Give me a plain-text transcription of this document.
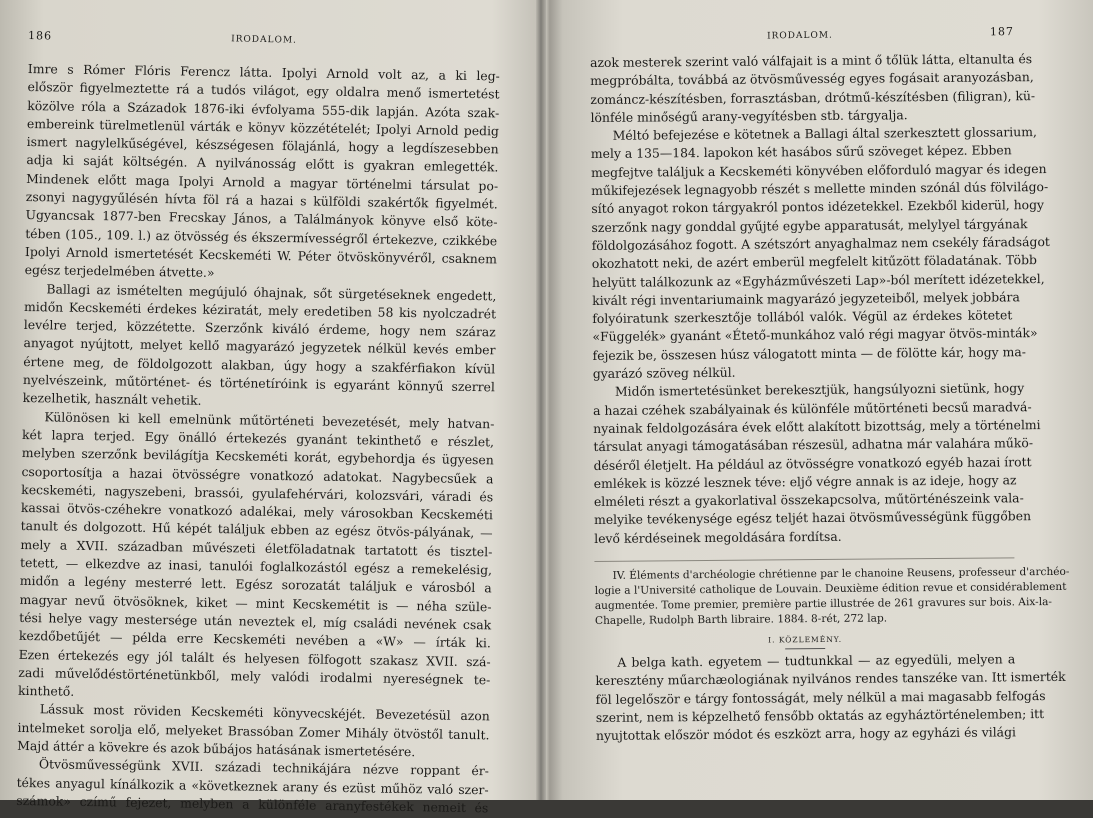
186	IRODALOM.
Imre s Rómer Flóris Ferencz látta. Ipolyi Arnold volt az, a ki leg-
először figyelmeztette rá a tudós világot, egy oldalra menő ismertetést
közölve róla a Századok 1876-iki évfolyama 555-dik lapján. Azóta szak-
embereink türelmetlenül várták e könyv közzétételét; Ipolyi Arnold pedig
ismert nagylelkűségével, készségesen fölajánlá, hogy a legdíszesebben
adja ki saját költségén. A nyilvánosság előtt is gyakran emlegették.
Mindenek előtt maga Ipolyi Arnold a magyar történelmi társulat po-
zsonyi nagygyűlésén hívta föl rá a hazai s külföldi szakértők figyelmét.
Ugyancsak 1877-ben Frecskay János, a Találmányok könyve első köte-
tében (105., 109. l.) az ötvösség és ékszermívességről értekezve, czikkébe
Ipolyi Arnold ismertetését Kecskeméti W. Péter ötvöskönyvéről, csaknem
egész terjedelmében átvette.»
Ballagi az ismételten megújuló óhajnak, sőt sürgetéseknek engedett,
midőn Kecskeméti érdekes kéziratát, mely eredetiben 58 kis nyolczadrét
levélre terjed, közzétette. Szerzőnk kiváló érdeme, hogy nem száraz
anyagot nyújtott, melyet kellő magyarázó jegyzetek nélkül kevés ember
értene meg, de földolgozott alakban, úgy hogy a szakférfiakon kívül
nyelvészeink, műtörténet- és történetíróink is egyaránt könnyű szerrel
kezelhetik, használt vehetik.
Különösen ki kell emelnünk műtörténeti bevezetését, mely hatvan-
két lapra terjed. Egy önálló értekezés gyanánt tekinthető e részlet,
melyben szerzőnk bevilágítja Kecskeméti korát, egybehordja és ügyesen
csoportosítja a hazai ötvösségre vonatkozó adatokat. Nagybecsűek a
kecskeméti, nagyszebeni, brassói, gyulafehérvári, kolozsvári, váradi és
kassai ötvös-czéhekre vonatkozó adalékai, mely városokban Kecskeméti
tanult és dolgozott. Hű képét találjuk ebben az egész ötvös-pályának, —
mely a XVII. században művészeti életföladatnak tartatott és tisztel-
tetett, — elkezdve az inasi, tanulói foglalkozástól egész a remekelésig,
midőn a legény mesterré lett. Egész sorozatát találjuk e városból a
magyar nevű ötvösöknek, kiket — mint Kecskemétit is — néha szüle-
tési helye vagy mestersége után neveztek el, míg családi nevének csak
kezdőbetűjét — példa erre Kecskeméti nevében a «W» — írták ki.
Ezen értekezés egy jól talált és helyesen fölfogott szakasz XVII. szá-
zadi művelődéstörténetünkből, mely valódi irodalmi nyereségnek te-
kinthető.
Lássuk most röviden Kecskeméti könyvecskéjét. Bevezetésül azon
intelmeket sorolja elő, melyeket Brassóban Zomer Mihály ötvöstől tanult.
Majd áttér a kövekre és azok bűbájos hatásának ismertetésére.
Ötvösművességünk XVII. századi technikájára nézve roppant ér-
tékes anyagul kínálkozik a «következnek arany és ezüst műhöz való szer-
számok» czímű fejezet, melyben a különféle aranyfestékek nemeit és
IRODALOM.	187
azok mesterek szerint való válfajait is a mint ő tőlük látta, eltanulta és
megpróbálta, továbbá az ötvösművesség egyes fogásait aranyozásban,
zománcz-készítésben, forrasztásban, drótmű-készítésben (filigran), kü-
lönféle minőségű arany-vegyítésben stb. tárgyalja.
Méltó befejezése e kötetnek a Ballagi által szerkesztett glossarium,
mely a 135—184. lapokon két hasábos sűrű szöveget képez. Ebben
megfejtve találjuk a Kecskeméti könyvében előforduló magyar és idegen
műkifejezések legnagyobb részét s mellette minden szónál dús fölvilágo-
sító anyagot rokon tárgyakról pontos idézetekkel. Ezekből kiderül, hogy
szerzőnk nagy gonddal gyűjté egybe apparatusát, melylyel tárgyának
földolgozásához fogott. A szétszórt anyaghalmaz nem csekély fáradságot
okozhatott neki, de azért emberül megfelelt kitűzött föladatának. Több
helyütt találkozunk az «Egyházművészeti Lap»-ból merített idézetekkel,
kivált régi inventariumaink magyarázó jegyzeteiből, melyek jobbára
folyóiratunk szerkesztője tollából valók. Végül az érdekes kötetet
«Függelék» gyanánt «Étető-munkához való régi magyar ötvös-minták»
fejezik be, összesen húsz válogatott minta — de fölötte kár, hogy ma-
gyarázó szöveg nélkül.
Midőn ismertetésünket berekesztjük, hangsúlyozni sietünk, hogy
a hazai czéhek szabályainak és különféle műtörténeti becsű maradvá-
nyainak feldolgozására évek előtt alakított bizottság, mely a történelmi
társulat anyagi támogatásában részesül, adhatna már valahára műkö-
déséről életjelt. Ha például az ötvösségre vonatkozó egyéb hazai írott
emlékek is közzé lesznek téve: eljő végre annak is az ideje, hogy az
elméleti részt a gyakorlatival összekapcsolva, műtörténészeink vala-
melyike tevékenysége egész teljét hazai ötvösművességünk függőben
levő kérdéseinek megoldására fordítsa.
IV. Éléments d'archéologie chrétienne par le chanoine Reusens, professeur d'archéo-
logie a l'Université catholique de Louvain. Deuxième édition revue et considérablement
augmentée. Tome premier, première partie illustrée de 261 gravures sur bois. Aix-la-
Chapelle, Rudolph Barth libraire. 1884. 8-rét, 272 lap.
I. KÖZLEMÉNY.
A belga kath. egyetem — tudtunkkal — az egyedüli, melyen a
keresztény műarchæologiának nyilvános rendes tanszéke van. Itt ismerték
föl legelőször e tárgy fontosságát, mely nélkül a mai magasabb felfogás
szerint, nem is képzelhető fensőbb oktatás az egyháztörténelemben; itt
nyujtottak először módot és eszközt arra, hogy az egyházi és világi
